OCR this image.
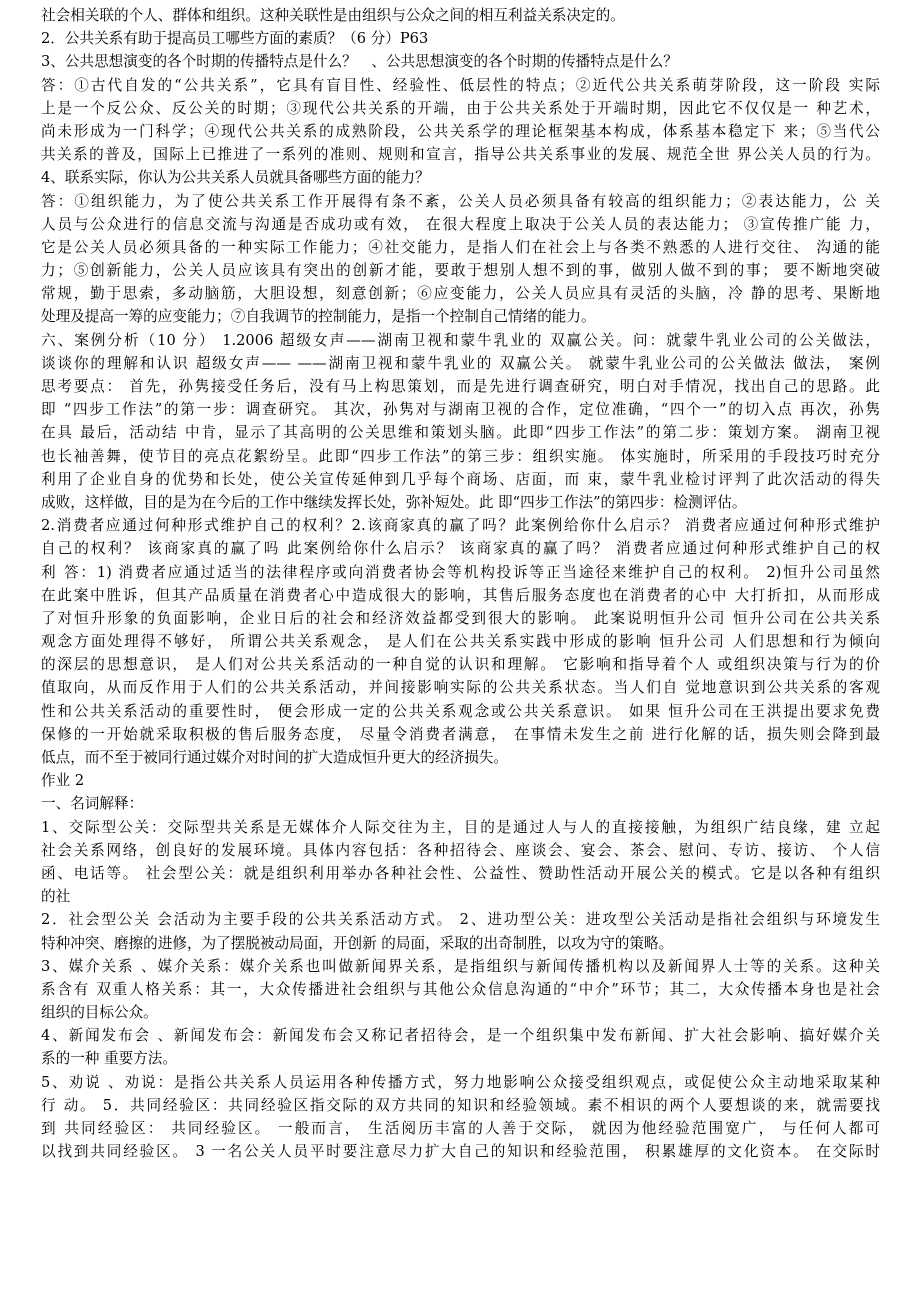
社会相关联的个人、群体和组织。这种关联性是由组织与公众之间的相互利益关系决定的。
2．公共关系有助于提高员工哪些方面的素质？（6 分）P63
3、公共思想演变的各个时期的传播特点是什么？　、公共思想演变的各个时期的传播特点是什么？
答：①古代自发的“公共关系”，它具有盲目性、经验性、低层性的特点；②近代公共关系萌芽阶段，这一阶段 实际
上是一个反公众、反公关的时期；③现代公共关系的开端，由于公共关系处于开端时期，因此它不仅仅是一 种艺术，
尚未形成为一门科学；④现代公共关系的成熟阶段，公共关系学的理论框架基本构成，体系基本稳定下 来；⑤当代公
共关系的普及，国际上已推进了一系列的准则、规则和宣言，指导公共关系事业的发展、规范全世 界公关人员的行为。
4、联系实际，你认为公共关系人员就具备哪些方面的能力？
答：①组织能力，为了使公共关系工作开展得有条不紊，公关人员必须具备有较高的组织能力；②表达能力，公 关
人员与公众进行的信息交流与沟通是否成功或有效， 在很大程度上取决于公关人员的表达能力； ③宣传推广能 力，
它是公关人员必须具备的一种实际工作能力；④社交能力，是指人们在社会上与各类不熟悉的人进行交往、 沟通的能
力；⑤创新能力，公关人员应该具有突出的创新才能，要敢于想别人想不到的事，做别人做不到的事； 要不断地突破
常规，勤于思索，多动脑筋，大胆设想，刻意创新；⑥应变能力，公关人员应具有灵活的头脑，冷 静的思考、果断地
处理及提高一筹的应变能力；⑦自我调节的控制能力，是指一个控制自己情绪的能力。
六、案例分析（10 分） 1.2006 超级女声——湖南卫视和蒙牛乳业的 双赢公关。问：就蒙牛乳业公司的公关做法，
谈谈你的理解和认识 超级女声—— ——湖南卫视和蒙牛乳业的 双赢公关。 就蒙牛乳业公司的公关做法 做法， 案例
思考要点： 首先，孙隽接受任务后，没有马上构思策划，而是先进行调查研究，明白对手情况，找出自己的思路。此
即 “四步工作法”的第一步：调查研究。 其次，孙隽对与湖南卫视的合作，定位准确，“四个一”的切入点 再次，孙隽
在具 最后，活动结 中肯，显示了其高明的公关思维和策划头脑。此即“四步工作法”的第二步：策划方案。 湖南卫视
也长袖善舞，使节目的亮点花絮纷呈。此即“四步工作法”的第三步：组织实施。 体实施时，所采用的手段技巧时充分
利用了企业自身的优势和长处，使公关宣传延伸到几乎每个商场、店面，而 束，蒙牛乳业检讨评判了此次活动的得失
成败，这样做，目的是为在今后的工作中继续发挥长处，弥补短处。此 即“四步工作法”的第四步：检测评估。
2.消费者应通过何种形式维护自己的权利？2.该商家真的赢了吗？此案例给你什么启示？ 消费者应通过何种形式维护
自己的权利？ 该商家真的赢了吗 此案例给你什么启示？ 该商家真的赢了吗？ 消费者应通过何种形式维护自己的权
利 答：1) 消费者应通过适当的法律程序或向消费者协会等机构投诉等正当途径来维护自己的权利。 2)恒升公司虽然
在此案中胜诉，但其产品质量在消费者心中造成很大的影响，其售后服务态度也在消费者的心中 大打折扣，从而形成
了对恒升形象的负面影响，企业日后的社会和经济效益都受到很大的影响。 此案说明恒升公司 恒升公司在公共关系
观念方面处理得不够好， 所谓公共关系观念， 是人们在公共关系实践中形成的影响 恒升公司 人们思想和行为倾向
的深层的思想意识， 是人们对公共关系活动的一种自觉的认识和理解。 它影响和指导着个人 或组织决策与行为的价
值取向，从而反作用于人们的公共关系活动，并间接影响实际的公共关系状态。当人们自 觉地意识到公共关系的客观
性和公共关系活动的重要性时， 便会形成一定的公共关系观念或公共关系意识。 如果 恒升公司在王洪提出要求免费
保修的一开始就采取积极的售后服务态度， 尽量令消费者满意， 在事情未发生之前 进行化解的话，损失则会降到最
低点，而不至于被同行通过媒介对时间的扩大造成恒升更大的经济损失。
作业 2
一、名词解释：
1、交际型公关：交际型共关系是无媒体介人际交往为主，目的是通过人与人的直接接触，为组织广结良缘，建 立起
社会关系网络，创良好的发展环境。具体内容包括：各种招待会、座谈会、宴会、茶会、慰问、专访、接访、 个人信
函、电话等。 社会型公关：就是组织利用举办各种社会性、公益性、赞助性活动开展公关的模式。它是以各种有组织
的社
2．社会型公关 会活动为主要手段的公共关系活动方式。 2、进功型公关：进攻型公关活动是指社会组织与环境发生
特种冲突、磨擦的进修，为了摆脱被动局面，开创新 的局面，采取的出奇制胜，以攻为守的策略。
3、媒介关系 、媒介关系：媒介关系也叫做新闻界关系，是指组织与新闻传播机构以及新闻界人士等的关系。这种关
系含有 双重人格关系：其一，大众传播进社会组织与其他公众信息沟通的“中介”环节；其二，大众传播本身也是社会
组织的目标公众。
4、新闻发布会 、新闻发布会：新闻发布会又称记者招待会，是一个组织集中发布新闻、扩大社会影响、搞好媒介关
系的一种 重要方法。
5、劝说 、劝说：是指公共关系人员运用各种传播方式，努力地影响公众接受组织观点，或促使公众主动地采取某种
行 动。 5．共同经验区：共同经验区指交际的双方共同的知识和经验领域。素不相识的两个人要想谈的来，就需要找
到 共同经验区： 共同经验区。 一般而言， 生活阅历丰富的人善于交际， 就因为他经验范围宽广， 与任何人都可
以找到共同经验区。 3 一名公关人员平时要注意尽力扩大自己的知识和经验范围， 积累雄厚的文化资本。 在交际时
